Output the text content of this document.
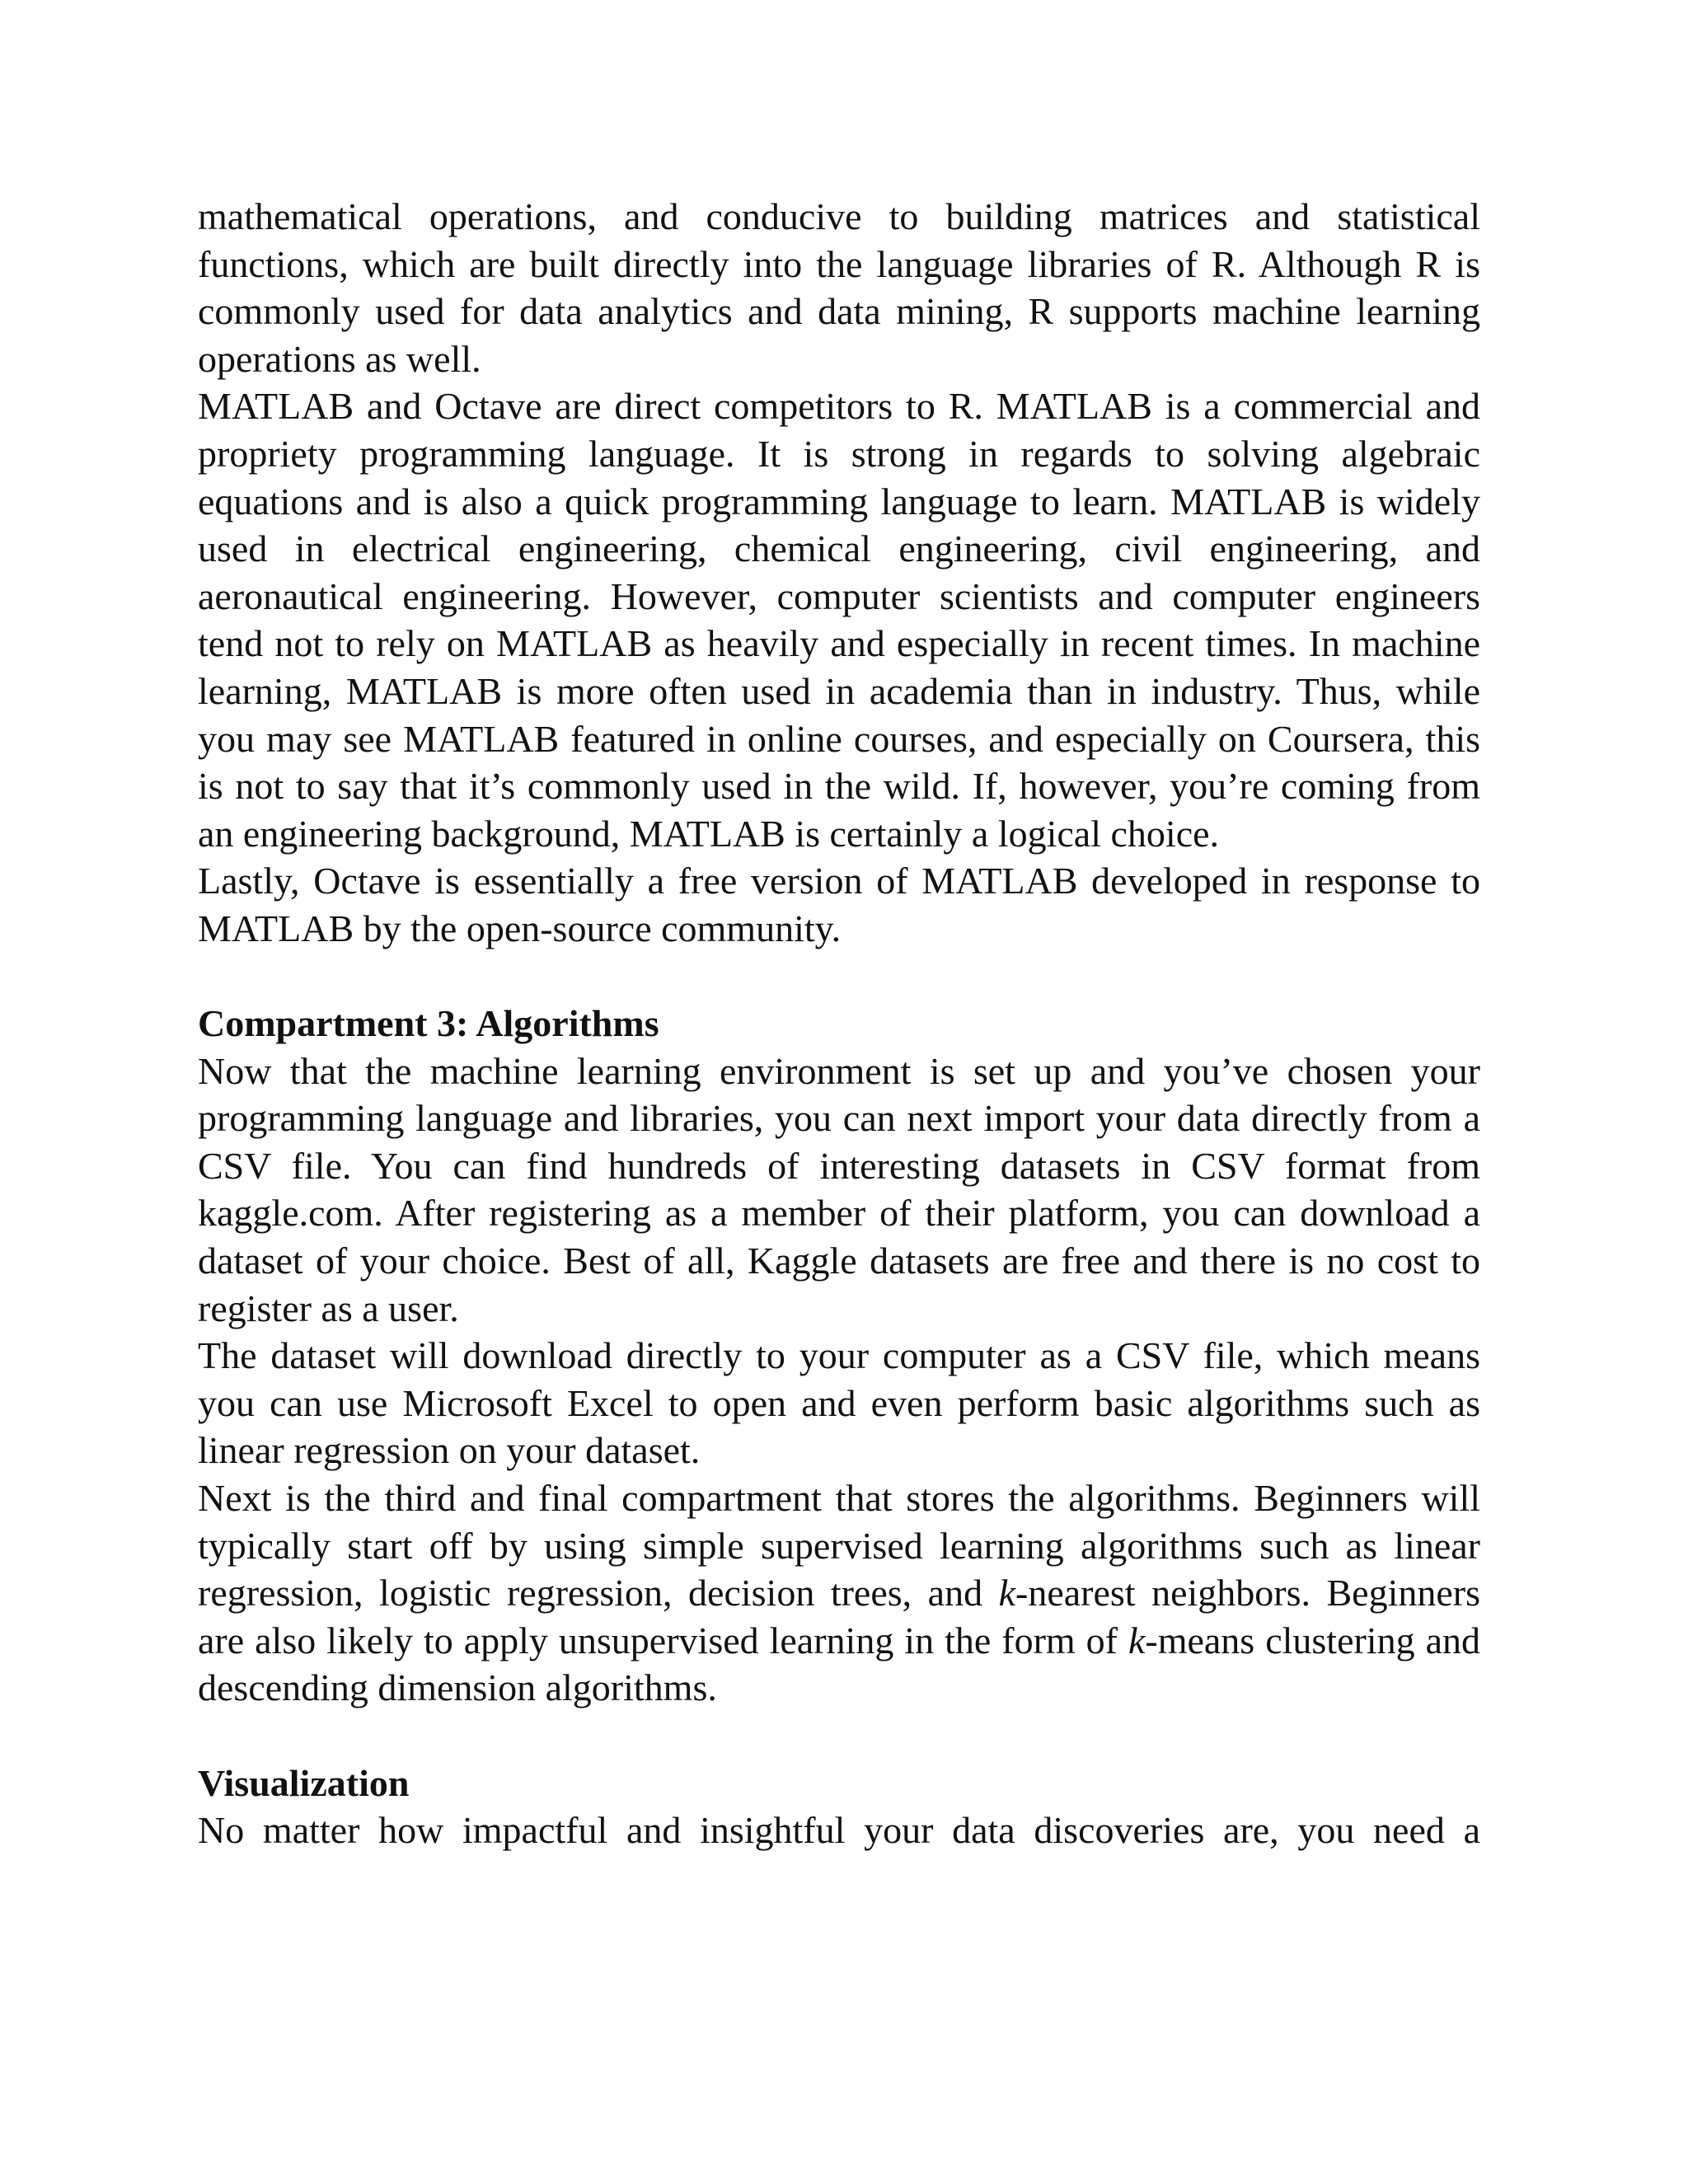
mathematical operations, and conducive to building matrices and statistical functions, which are built directly into the language libraries of R. Although R is commonly used for data analytics and data mining, R supports machine learning operations as well.

MATLAB and Octave are direct competitors to R. MATLAB is a commercial and propriety programming language. It is strong in regards to solving algebraic equations and is also a quick programming language to learn. MATLAB is widely used in electrical engineering, chemical engineering, civil engineering, and aeronautical engineering. However, computer scientists and computer engineers tend not to rely on MATLAB as heavily and especially in recent times. In machine learning, MATLAB is more often used in academia than in industry. Thus, while you may see MATLAB featured in online courses, and especially on Coursera, this is not to say that it’s commonly used in the wild. If, however, you’re coming from an engineering background, MATLAB is certainly a logical choice.

Lastly, Octave is essentially a free version of MATLAB developed in response to MATLAB by the open-source community.

Compartment 3: Algorithms

Now that the machine learning environment is set up and you’ve chosen your programming language and libraries, you can next import your data directly from a CSV file. You can find hundreds of interesting datasets in CSV format from kaggle.com. After registering as a member of their platform, you can download a dataset of your choice. Best of all, Kaggle datasets are free and there is no cost to register as a user.

The dataset will download directly to your computer as a CSV file, which means you can use Microsoft Excel to open and even perform basic algorithms such as linear regression on your dataset.

Next is the third and final compartment that stores the algorithms. Beginners will typically start off by using simple supervised learning algorithms such as linear regression, logistic regression, decision trees, and k-nearest neighbors. Beginners are also likely to apply unsupervised learning in the form of k-means clustering and descending dimension algorithms.

Visualization

No matter how impactful and insightful your data discoveries are, you need a
